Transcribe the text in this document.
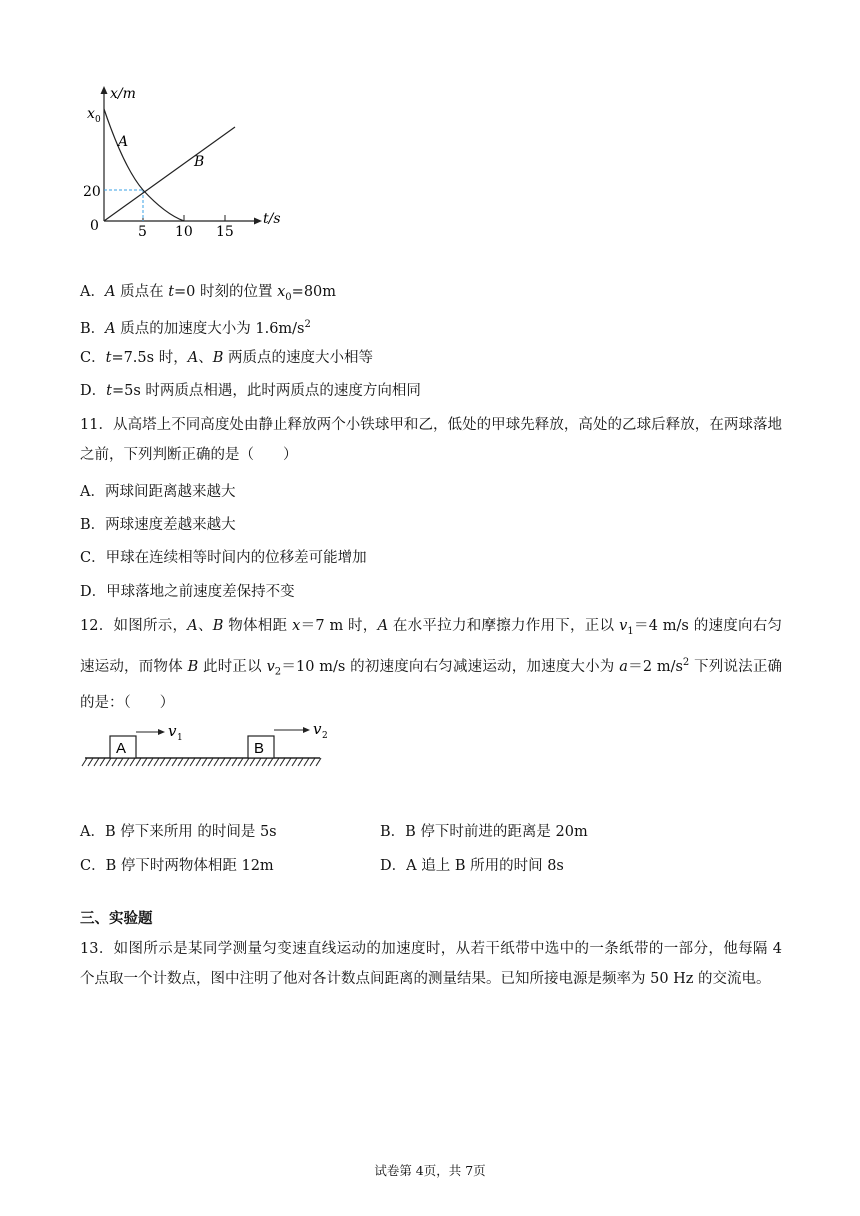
x/m
x 0
20
0	5 10 15
t/s
A
B
A．A 质点在 t=0 时刻的位置 $x_0=80m$
B．A 质点的加速度大小为 $1.6m/s^2$
C．t=7.5s 时，A、B 两质点的速度大小相等
D．t=5s 时两质点相遇，此时两质点的速度方向相同
11．从高塔上不同高度处由静止释放两个小铁球甲和乙，低处的甲球先释放，高处的乙球后释放，在两球落地之前，下列判断正确的是（　　）
A．两球间距离越来越大
B．两球速度差越来越大
C．甲球在连续相等时间内的位移差可能增加
D．甲球落地之前速度差保持不变
12．如图所示，A、B 物体相距 x＝7 m 时，A 在水平拉力和摩擦力作用下，正以 $v_1=4$ m/s 的速度向右匀速运动，而物体 B 此时正以 $v_2=10$ m/s 的初速度向右匀减速运动，加速度大小为 a＝2 $m/s^2$ 下列说法正确的是：（　　）
A
v 1
B
v 2
A．B 停下来所用 的时间是 5s	B．B 停下时前进的距离是 20m
C．B 停下时两物体相距 12m	D．A 追上 B 所用的时间 8s
三、实验题
13．如图所示是某同学测量匀变速直线运动的加速度时，从若干纸带中选中的一条纸带的一部分，他每隔 4 个点取一个计数点，图中注明了他对各计数点间距离的测量结果。已知所接电源是频率为 50 Hz 的交流电。
试卷第 4页，共 7页
